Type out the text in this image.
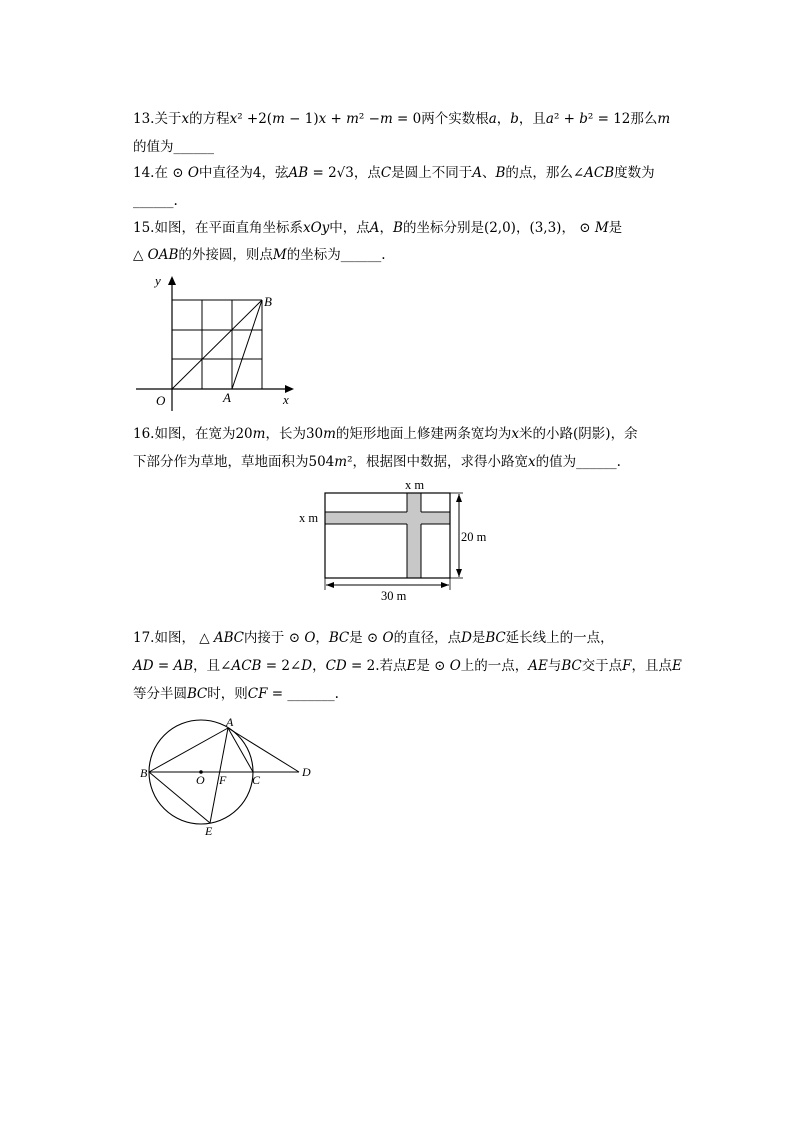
13.关于𝑥的方程𝑥² +2(𝑚 − 1)𝑥 + 𝑚² −𝑚 = 0两个实数根𝑎，𝑏，且𝑎² + 𝑏² = 12那么𝑚
的值为______
14.在 ⊙ 𝑂中直径为4，弦𝐴𝐵 = 2√3，点𝐶是圆上不同于𝐴、𝐵的点，那么∠𝐴𝐶𝐵度数为
______.
15.如图，在平面直角坐标系𝑥𝑂𝑦中，点𝐴，𝐵的坐标分别是(2,0)，(3,3)， ⊙ 𝑀是
△ 𝑂𝐴𝐵的外接圆，则点𝑀的坐标为______.
y
x
O	A
B
16.如图，在宽为20𝑚，长为30𝑚的矩形地面上修建两条宽均为𝑥米的小路(阴影)，余
下部分作为草地，草地面积为504𝑚²，根据图中数据，求得小路宽𝑥的值为______.
x m
x m
20 m
30 m
17.如图， △ 𝐴𝐵𝐶内接于 ⊙ 𝑂，𝐵𝐶是 ⊙ 𝑂的直径，点𝐷是𝐵𝐶延长线上的一点，
𝐴𝐷 = 𝐴𝐵，且∠𝐴𝐶𝐵 = 2∠𝐷，𝐶𝐷 = 2.若点𝐸是 ⊙ 𝑂上的一点，𝐴𝐸与𝐵𝐶交于点𝐹，且点𝐸
等分半圆𝐵𝐶时，则𝐶𝐹 = _______.
A
B	O F C
D
E
